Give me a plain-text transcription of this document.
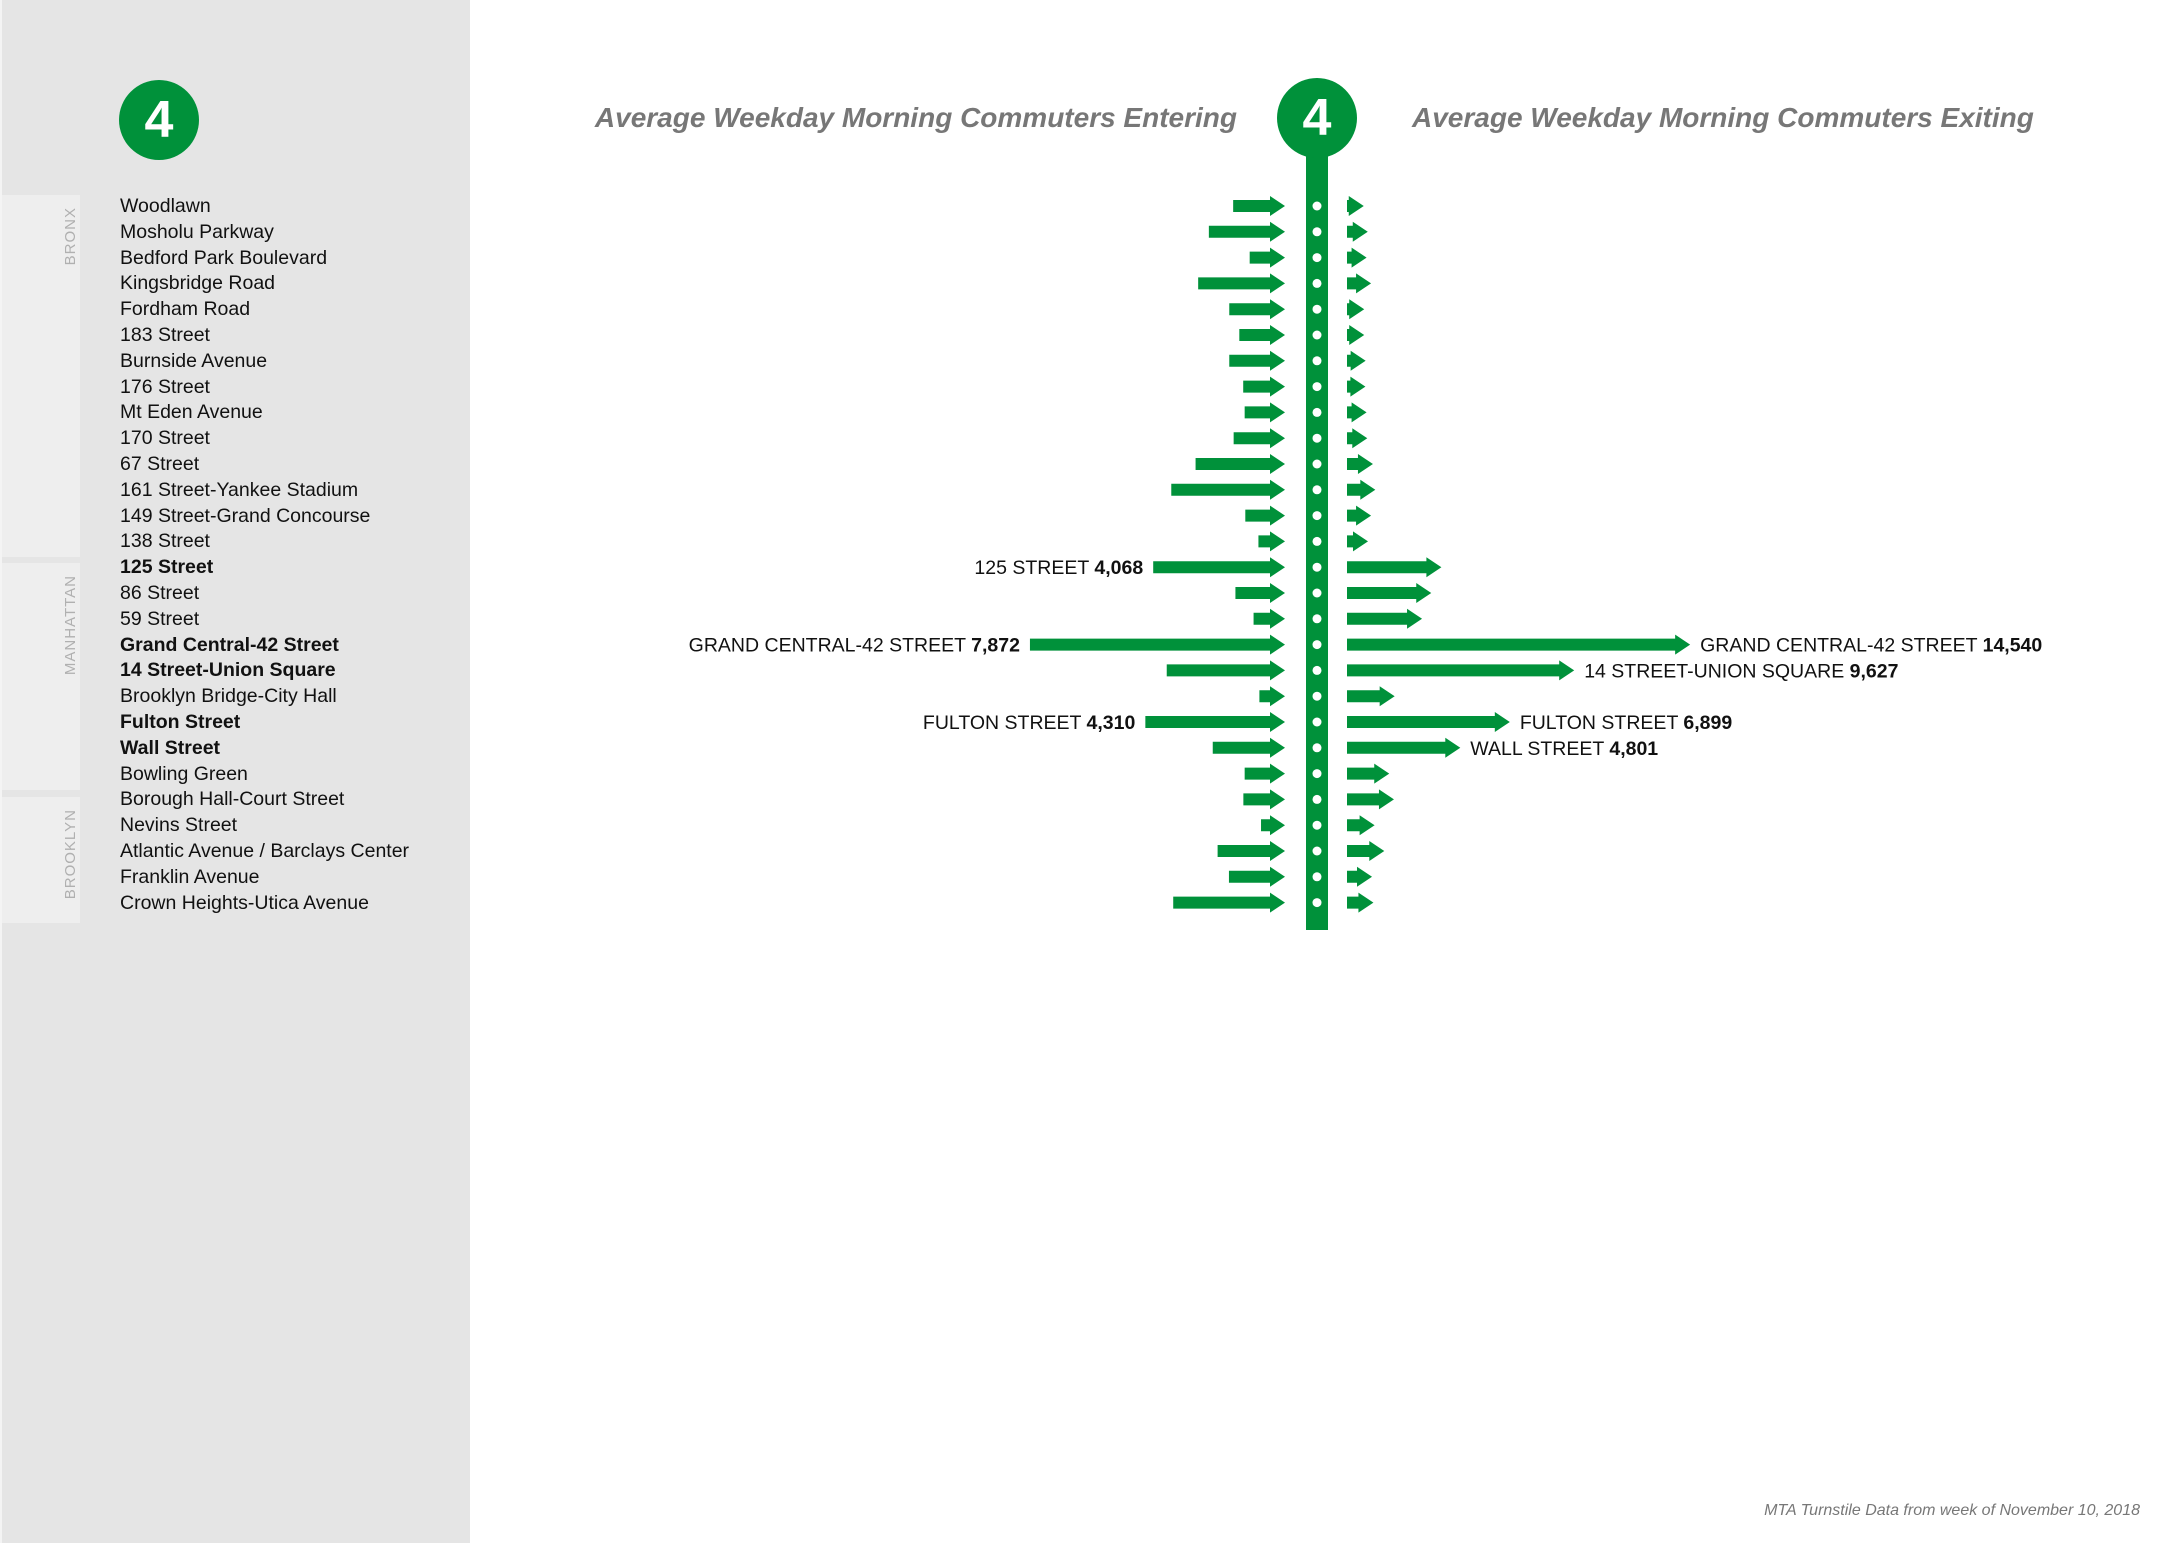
4
BRONX
MANHATTAN
BROOKLYN
Woodlawn
Mosholu Parkway
Bedford Park Boulevard
Kingsbridge Road
Fordham Road
183 Street
Burnside Avenue
176 Street
Mt Eden Avenue
170 Street
67 Street
161 Street-Yankee Stadium
149 Street-Grand Concourse
138 Street
125 Street
86 Street
59 Street
Grand Central-42 Street
14 Street-Union Square
Brooklyn Bridge-City Hall
Fulton Street
Wall Street
Bowling Green
Borough Hall-Court Street
Nevins Street
Atlantic Avenue / Barclays Center
Franklin Avenue
Crown Heights-Utica Avenue
Average Weekday Morning Commuters Entering	Average Weekday Morning Commuters Exiting
125 STREET 4,068
GRAND CENTRAL-42 STREET 7,872
FULTON STREET 4,310
GRAND CENTRAL-42 STREET 14,540
14 STREET-UNION SQUARE 9,627
FULTON STREET 6,899
WALL STREET 4,801
4
MTA Turnstile Data from week of November 10, 2018
